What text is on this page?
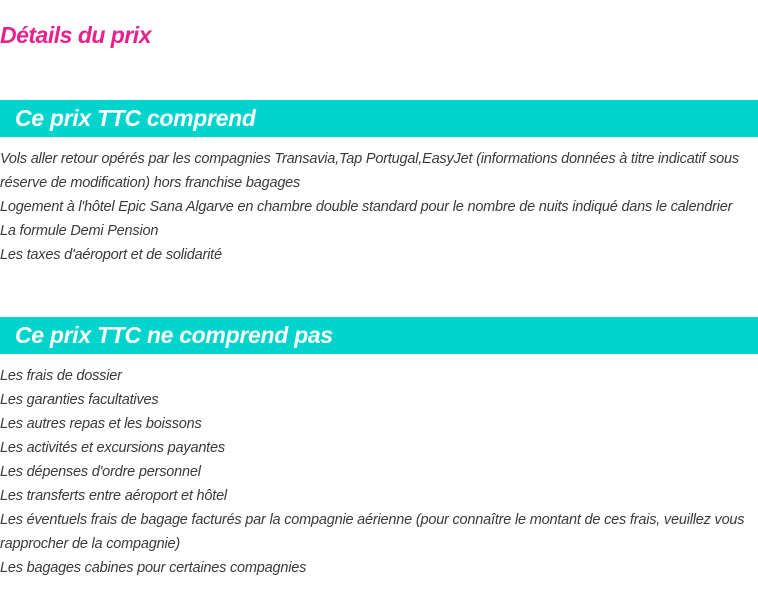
Détails du prix
Ce prix TTC comprend
Vols aller retour opérés par les compagnies Transavia,Tap Portugal,EasyJet (informations données à titre indicatif sous réserve de modification) hors franchise bagages
Logement à l'hôtel Epic Sana Algarve en chambre double standard pour le nombre de nuits indiqué dans le calendrier
La formule Demi Pension
Les taxes d'aéroport et de solidarité
Ce prix TTC ne comprend pas
Les frais de dossier
Les garanties facultatives
Les autres repas et les boissons
Les activités et excursions payantes
Les dépenses d'ordre personnel
Les transferts entre aéroport et hôtel
Les éventuels frais de bagage facturés par la compagnie aérienne (pour connaître le montant de ces frais, veuillez vous rapprocher de la compagnie)
Les bagages cabines pour certaines compagnies
